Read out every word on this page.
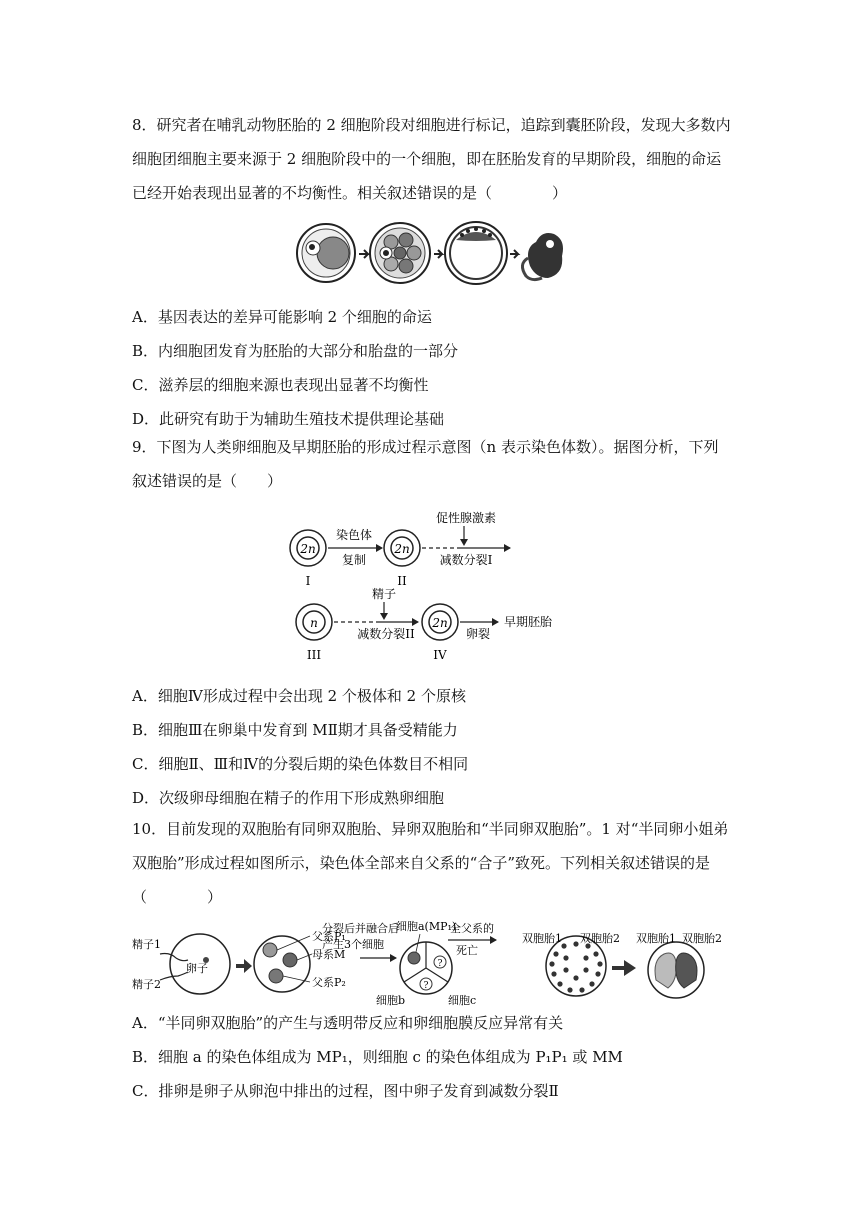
8．研究者在哺乳动物胚胎的 2 细胞阶段对细胞进行标记，追踪到囊胚阶段，发现大多数内细胞团细胞主要来源于 2 细胞阶段中的一个细胞，即在胚胎发育的早期阶段，细胞的命运已经开始表现出显著的不均衡性。相关叙述错误的是（　　　　）

A．基因表达的差异可能影响 2 个细胞的命运
B．内细胞团发育为胚胎的大部分和胎盘的一部分
C．滋养层的细胞来源也表现出显著不均衡性
D．此研究有助于为辅助生殖技术提供理论基础

9．下图为人类卵细胞及早期胚胎的形成过程示意图（n 表示染色体数）。据图分析，下列叙述错误的是（　　）

2n
I
染色体
复制
2n
II
促性腺激素
减数分裂I
n
III
精子
减数分裂II
2n
IV
卵裂
早期胚胎
A．细胞Ⅳ形成过程中会出现 2 个极体和 2 个原核
B．细胞Ⅲ在卵巢中发育到 MⅡ期才具备受精能力
C．细胞Ⅱ、Ⅲ和Ⅳ的分裂后期的染色体数目不相同
D．次级卵母细胞在精子的作用下形成熟卵细胞

10．目前发现的双胞胎有同卵双胞胎、异卵双胞胎和“半同卵双胞胎”。1 对“半同卵小姐弟双胞胎”形成过程如图所示，染色体全部来自父系的“合子”致死。下列相关叙述错误的是（　　　　）

精子1
精子2
卵子
父系P₁
母系M
父系P₂
分裂后并融合后
产生3个细胞
?
?
细胞a(MP₁)
细胞b	细胞c
全父系的
死亡
双胞胎1 双胞胎2 双胞胎1 双胞胎2
A．“半同卵双胞胎”的产生与透明带反应和卵细胞膜反应异常有关
B．细胞 a 的染色体组成为 MP₁，则细胞 c 的染色体组成为 P₁P₁ 或 MM
C．排卵是卵子从卵泡中排出的过程，图中卵子发育到减数分裂Ⅱ
